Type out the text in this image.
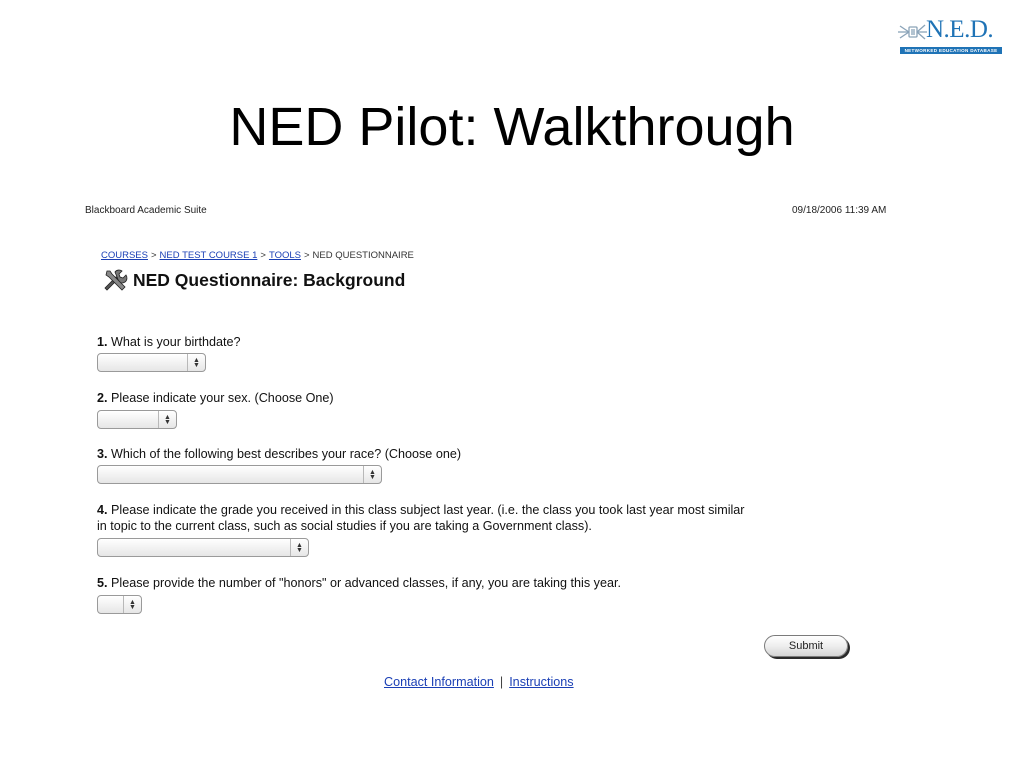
N.E.D.
NETWORKED EDUCATION DATABASE
NED Pilot: Walkthrough
Blackboard Academic Suite	09/18/2006 11:39 AM
COURSES > NED TEST COURSE 1 > TOOLS > NED QUESTIONNAIRE
NED Questionnaire: Background
1. What is your birthdate?
▲
▼
2. Please indicate your sex. (Choose One)
▲
▼
3. Which of the following best describes your race? (Choose one)
▲
▼
4. Please indicate the grade you received in this class subject last year. (i.e. the class you took last year most similar
in topic to the current class, such as social studies if you are taking a Government class).
▲
▼
5. Please provide the number of "honors" or advanced classes, if any, you are taking this year.
▲
▼
Submit
Contact Information | Instructions
